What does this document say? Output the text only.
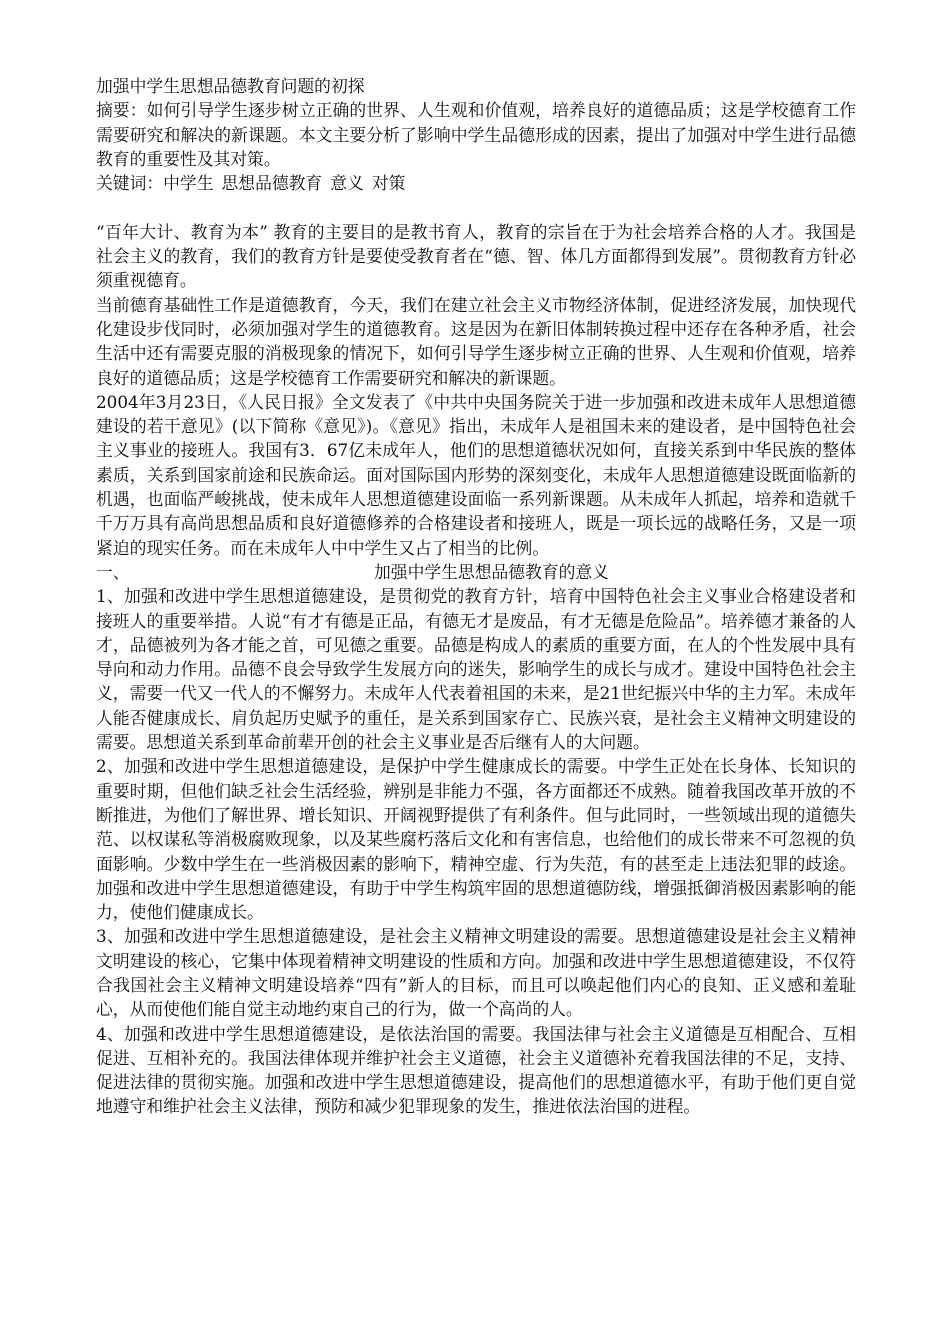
加强中学生思想品德教育问题的初探

摘要：如何引导学生逐步树立正确的世界、人生观和价值观，培养良好的道德品质；这是学校德育工作需要研究和解决的新课题。本文主要分析了影响中学生品德形成的因素，提出了加强对中学生进行品德教育的重要性及其对策。

关键词：中学生 思想品德教育 意义 对策

“百年大计、教育为本” 教育的主要目的是教书育人，教育的宗旨在于为社会培养合格的人才。我国是社会主义的教育，我们的教育方针是要使受教育者在“德、智、体几方面都得到发展”。贯彻教育方针必须重视德育。

当前德育基础性工作是道德教育，今天，我们在建立社会主义市物经济体制，促进经济发展，加快现代化建设步伐同时，必须加强对学生的道德教育。这是因为在新旧体制转换过程中还存在各种矛盾，社会生活中还有需要克服的消极现象的情况下，如何引导学生逐步树立正确的世界、人生观和价值观，培养良好的道德品质；这是学校德育工作需要研究和解决的新课题。

2004年3月23日，《人民日报》全文发表了《中共中央国务院关于进一步加强和改进未成年人思想道德建设的若干意见》(以下简称《意见》)。《意见》指出，未成年人是祖国未来的建设者，是中国特色社会主义事业的接班人。我国有3．67亿未成年人，他们的思想道德状况如何，直接关系到中华民族的整体素质，关系到国家前途和民族命运。面对国际国内形势的深刻变化，未成年人思想道德建设既面临新的机遇，也面临严峻挑战，使未成年人思想道德建设面临一系列新课题。从未成年人抓起，培养和造就千千万万具有高尚思想品质和良好道德修养的合格建设者和接班人，既是一项长远的战略任务，又是一项紧迫的现实任务。而在未成年人中中学生又占了相当的比例。

一、	加强中学生思想品德教育的意义

1、加强和改进中学生思想道德建设，是贯彻党的教育方针，培育中国特色社会主义事业合格建设者和接班人的重要举措。人说“有才有德是正品，有德无才是废品，有才无德是危险品”。培养德才兼备的人才，品德被列为各才能之首，可见德之重要。品德是构成人的素质的重要方面，在人的个性发展中具有导向和动力作用。品德不良会导致学生发展方向的迷失，影响学生的成长与成才。建设中国特色社会主义，需要一代又一代人的不懈努力。未成年人代表着祖国的未来，是21世纪振兴中华的主力军。未成年人能否健康成长、肩负起历史赋予的重任，是关系到国家存亡、民族兴衰，是社会主义精神文明建设的需要。思想道关系到革命前辈开创的社会主义事业是否后继有人的大问题。

2、加强和改进中学生思想道德建设，是保护中学生健康成长的需要。中学生正处在长身体、长知识的重要时期，但他们缺乏社会生活经验，辨别是非能力不强，各方面都还不成熟。随着我国改革开放的不断推进，为他们了解世界、增长知识、开阔视野提供了有利条件。但与此同时，一些领域出现的道德失范、以权谋私等消极腐败现象，以及某些腐朽落后文化和有害信息，也给他们的成长带来不可忽视的负面影响。少数中学生在一些消极因素的影响下，精神空虚、行为失范，有的甚至走上违法犯罪的歧途。加强和改进中学生思想道德建设，有助于中学生构筑牢固的思想道德防线，增强抵御消极因素影响的能力，使他们健康成长。

3、加强和改进中学生思想道德建设，是社会主义精神文明建设的需要。思想道德建设是社会主义精神文明建设的核心，它集中体现着精神文明建设的性质和方向。加强和改进中学生思想道德建设，不仅符合我国社会主义精神文明建设培养“四有”新人的目标，而且可以唤起他们内心的良知、正义感和羞耻心，从而使他们能自觉主动地约束自己的行为，做一个高尚的人。

4、加强和改进中学生思想道德建设，是依法治国的需要。我国法律与社会主义道德是互相配合、互相促进、互相补充的。我国法律体现并维护社会主义道德，社会主义道德补充着我国法律的不足，支持、促进法律的贯彻实施。加强和改进中学生思想道德建设，提高他们的思想道德水平，有助于他们更自觉地遵守和维护社会主义法律，预防和减少犯罪现象的发生，推进依法治国的进程。
